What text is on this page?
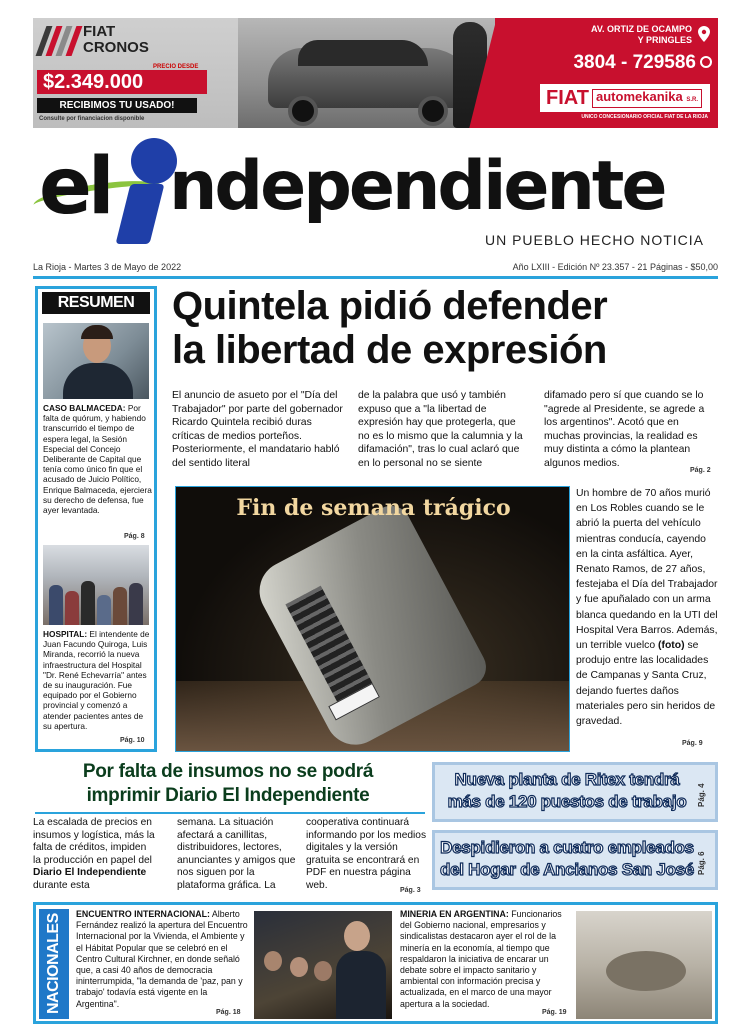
FIAT
CRONOS
PRECIO DESDE
$2.349.000
RECIBIMOS TU USADO!
Consulte por financiacion disponible
AV. ORTIZ DE OCAMPO
Y PRINGLES
3804 - 729586
FIAT automekanika S.R.
UNICO CONCESIONARIO OFICIAL FIAT DE LA RIOJA
el ndependiente
UN PUEBLO HECHO NOTICIA
La Rioja - Martes 3 de Mayo de 2022	Año LXIII - Edición Nº 23.357 - 21 Páginas - $50,00
RESUMEN
CASO BALMACEDA: Por falta de quórum, y habiendo transcurrido el tiempo de espera legal, la Sesión Especial del Concejo Deliberante de Capital que tenía como único fin que el acusado de Juicio Político, Enrique Balmaceda, ejerciera su derecho de defensa, fue ayer levantada.
Pág. 8
HOSPITAL: El intendente de Juan Facundo Quiroga, Luis Miranda, recorrió la nueva infraestructura del Hospital "Dr. René Echevarría" antes de su inauguración. Fue equipado por el Gobierno provincial y comenzó a atender pacientes antes de su apertura.
Pág. 10
Quintela pidió defender
la libertad de expresión
El anuncio de asueto por el "Día del Trabajador" por parte del gobernador Ricardo Quintela recibió duras críticas de medios porteños. Posteriormente, el mandatario habló del sentido literal
de la palabra que usó y también expuso que a "la libertad de expresión hay que protegerla, que no es lo mismo que la calumnia y la difamación", tras lo cual aclaró que en lo personal no se siente
difamado pero sí que cuando se lo "agrede al Presidente, se agrede a los argentinos". Acotó que en muchas provincias, la realidad es muy distinta a cómo la plantean algunos medios.
Pág. 2
Fin de semana trágico
Un hombre de 70 años murió en Los Robles cuando se le abrió la puerta del vehículo mientras conducía, cayendo en la cinta asfáltica. Ayer, Renato Ramos, de 27 años, festejaba el Día del Trabajador y fue apuñalado con un arma blanca quedando en la UTI del Hospital Vera Barros. Además, un terrible vuelco (foto) se produjo entre las localidades de Campanas y Santa Cruz, dejando fuertes daños materiales pero sin heridos de gravedad.
Pág. 9
Por falta de insumos no se podrá
imprimir Diario El Independiente
La escalada de precios en insumos y logística, más la falta de créditos, impiden la producción en papel del Diario El Independiente durante esta
semana. La situación afectará a canillitas, distribuidores, lectores, anunciantes y amigos que nos siguen por la plataforma gráfica. La
cooperativa continuará informando por los medios digitales y la versión gratuita se encontrará en PDF en nuestra página web.	Pág. 3
Nueva planta de Ritex tendrá más de 120 puestos de trabajo	Pág. 4
Despidieron a cuatro empleados del Hogar de Ancianos San José Pág. 6
NACIONALES	ENCUENTRO INTERNACIONAL: Alberto Fernández realizó la apertura del Encuentro Internacional por la Vivienda, el Ambiente y el Hábitat Popular que se celebró en el Centro Cultural Kirchner, en donde señaló que, a casi 40 años de democracia ininterrumpida, "la demanda de 'paz, pan y trabajo' todavía está vigente en la Argentina".
Pág. 18
MINERIA EN ARGENTINA: Funcionarios del Gobierno nacional, empresarios y sindicalistas destacaron ayer el rol de la minería en la economía, al tiempo que respaldaron la iniciativa de encarar un debate sobre el impacto sanitario y ambiental con información precisa y actualizada, en el marco de una mayor apertura a la sociedad.
Pág. 19
